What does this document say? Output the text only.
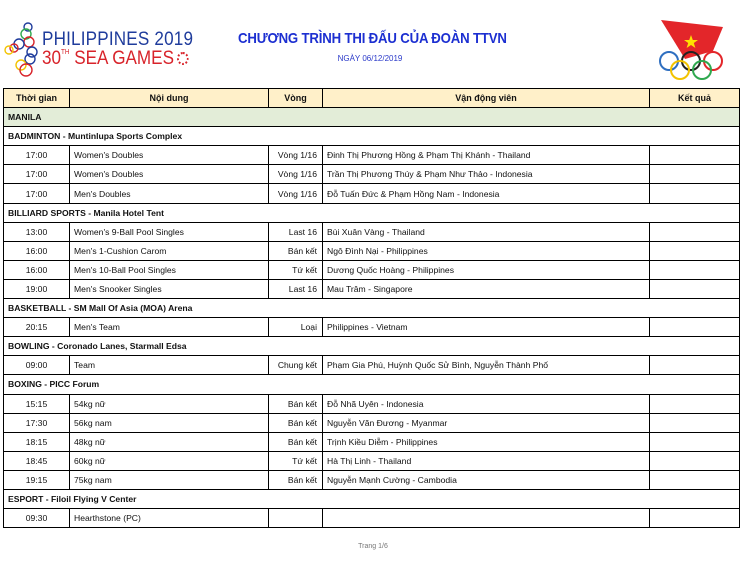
PHILIPPINES 2019
30TH SEA GAMES
CHƯƠNG TRÌNH THI ĐẤU CỦA ĐOÀN TTVN
NGÀY 06/12/2019
Thời gian	Nội dung	Vòng	Vận động viên	Kết quả
MANILA				
BADMINTON - Muntinlupa Sports Complex				
17:00	Women's Doubles	Vòng 1/16	Đinh Thị Phương Hồng & Phạm Thị Khánh - Thailand	
17:00	Women's Doubles	Vòng 1/16	Trần Thị Phương Thúy & Phạm Như Thảo - Indonesia	
17:00	Men's Doubles	Vòng 1/16	Đỗ Tuấn Đức & Phạm Hồng Nam - Indonesia	
BILLIARD SPORTS - Manila Hotel Tent				
13:00	Women's 9-Ball Pool Singles	Last 16	Bùi Xuân Vàng - Thailand	
16:00	Men's 1-Cushion Carom	Bán kết	Ngô Đình Nại - Philippines	
16:00	Men's 10-Ball Pool Singles	Tứ kết	Dương Quốc Hoàng - Philippines	
19:00	Men's Snooker Singles	Last 16	Mau Trâm - Singapore	
BASKETBALL - SM Mall Of Asia (MOA) Arena				
20:15	Men's Team	Loại	Philippines - Vietnam	
BOWLING - Coronado Lanes, Starmall Edsa				
09:00	Team	Chung kết	Phạm Gia Phú, Huỳnh Quốc Sử Bình, Nguyễn Thành Phố	
BOXING - PICC Forum				
15:15	54kg nữ	Bán kết	Đỗ Nhã Uyên - Indonesia	
17:30	56kg nam	Bán kết	Nguyễn Văn Đương - Myanmar	
18:15	48kg nữ	Bán kết	Trịnh Kiều Diễm - Philippines	
18:45	60kg nữ	Tứ kết	Hà Thị Linh - Thailand	
19:15	75kg nam	Bán kết	Nguyễn Mạnh Cường - Cambodia	
ESPORT - Filoil Flying V Center				
09:30	Hearthstone (PC)			
Trang 1/6
